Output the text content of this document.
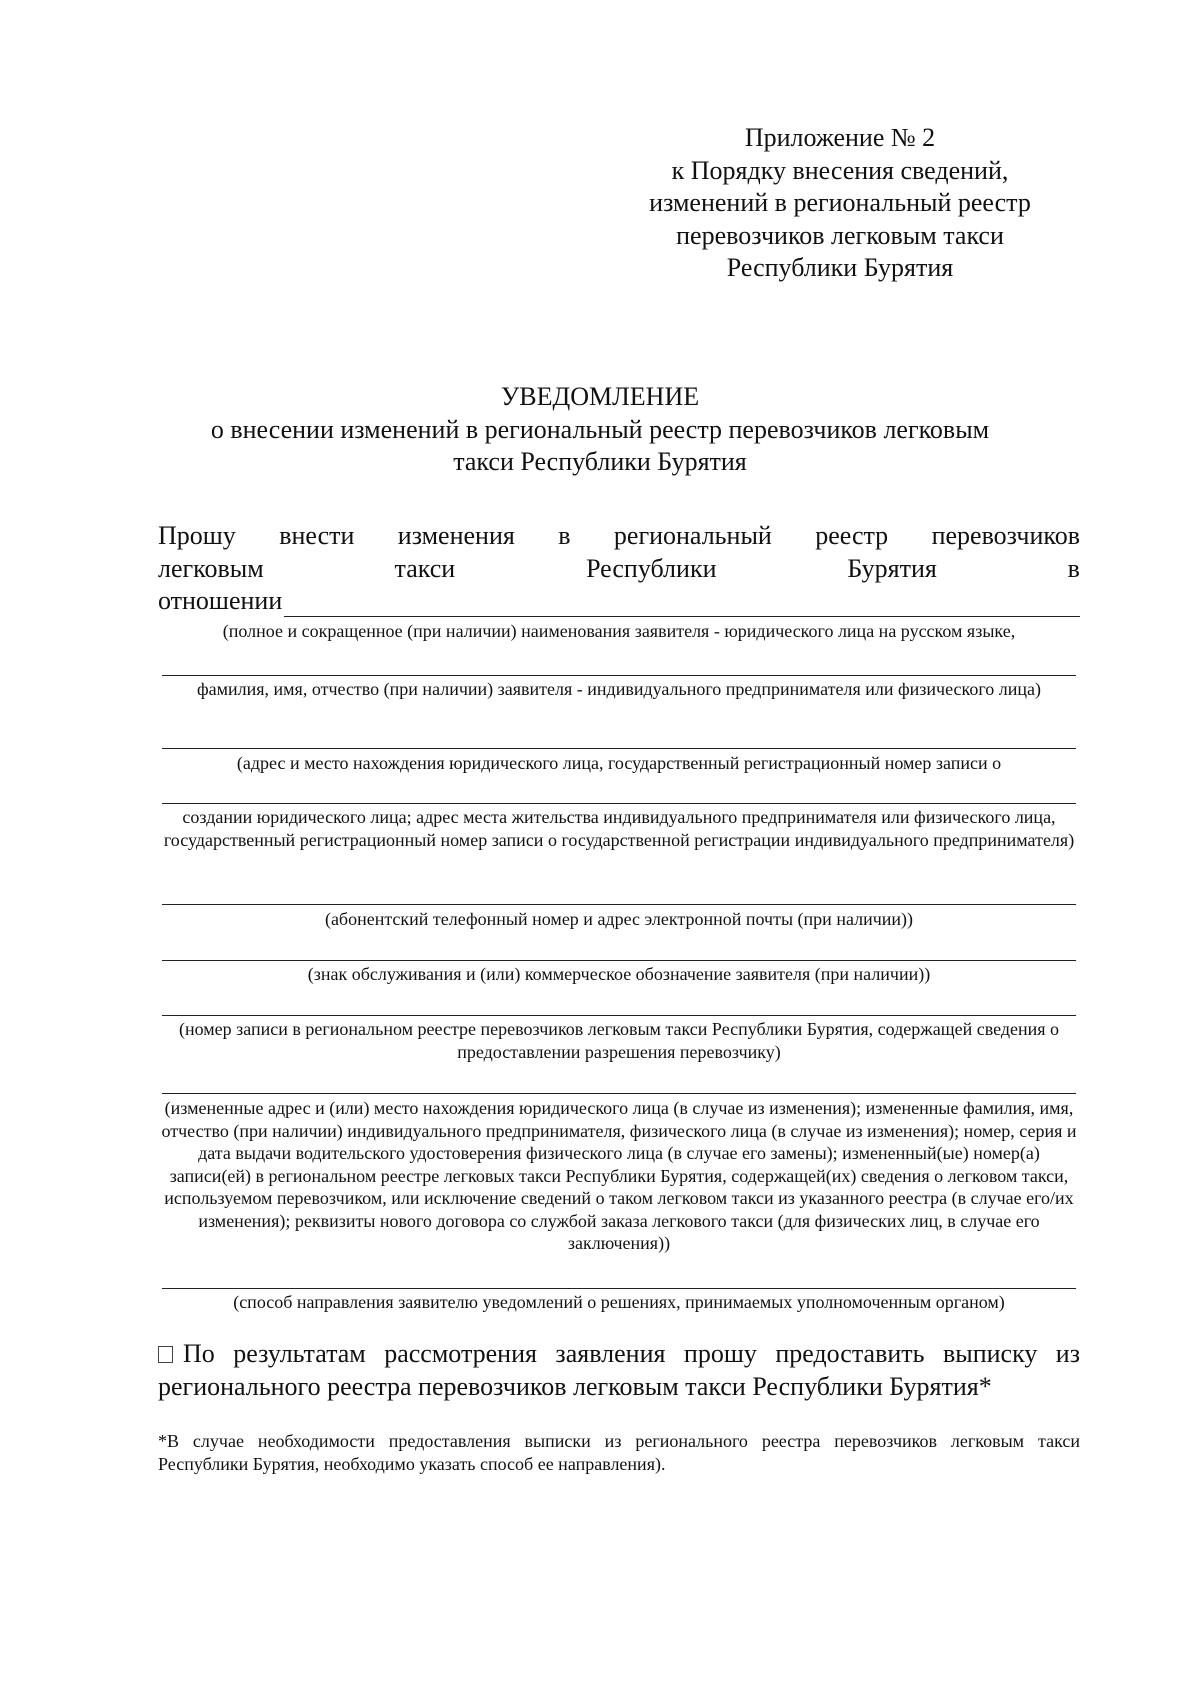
Приложение № 2
к Порядку внесения сведений,
изменений в региональный реестр
перевозчиков легковым такси
Республики Бурятия
УВЕДОМЛЕНИЕ
о внесении изменений в региональный реестр перевозчиков легковым
такси Республики Бурятия
Прошу внести изменения в региональный реестр перевозчиков
легковым	такси	Республики	Бурятия	в
отношении
(полное и сокращенное (при наличии) наименования заявителя - юридического лица на русском языке,
фамилия, имя, отчество (при наличии) заявителя - индивидуального предпринимателя или физического лица)
(адрес и место нахождения юридического лица, государственный регистрационный номер записи о
создании юридического лица; адрес места жительства индивидуального предпринимателя или физического лица, государственный регистрационный номер записи о государственной регистрации индивидуального предпринимателя)
(абонентский телефонный номер и адрес электронной почты (при наличии))
(знак обслуживания и (или) коммерческое обозначение заявителя (при наличии))
(номер записи в региональном реестре перевозчиков легковым такси Республики Бурятия, содержащей сведения о предоставлении разрешения перевозчику)
(измененные адрес и (или) место нахождения юридического лица (в случае из изменения); измененные фамилия, имя, отчество (при наличии) индивидуального предпринимателя, физического лица (в случае из изменения); номер, серия и дата выдачи водительского удостоверения физического лица (в случае его замены); измененный(ые) номер(а) записи(ей) в региональном реестре легковых такси Республики Бурятия, содержащей(их) сведения о легковом такси, используемом перевозчиком, или исключение сведений о таком легковом такси из указанного реестра (в случае его/их изменения); реквизиты нового договора со службой заказа легкового такси (для физических лиц, в случае его заключения))
(способ направления заявителю уведомлений о решениях, принимаемых уполномоченным органом)
По результатам рассмотрения заявления прошу предоставить выписку из регионального реестра перевозчиков легковым такси Республики Бурятия*
*В случае необходимости предоставления выписки из регионального реестра перевозчиков легковым такси Республики Бурятия, необходимо указать способ ее направления).
